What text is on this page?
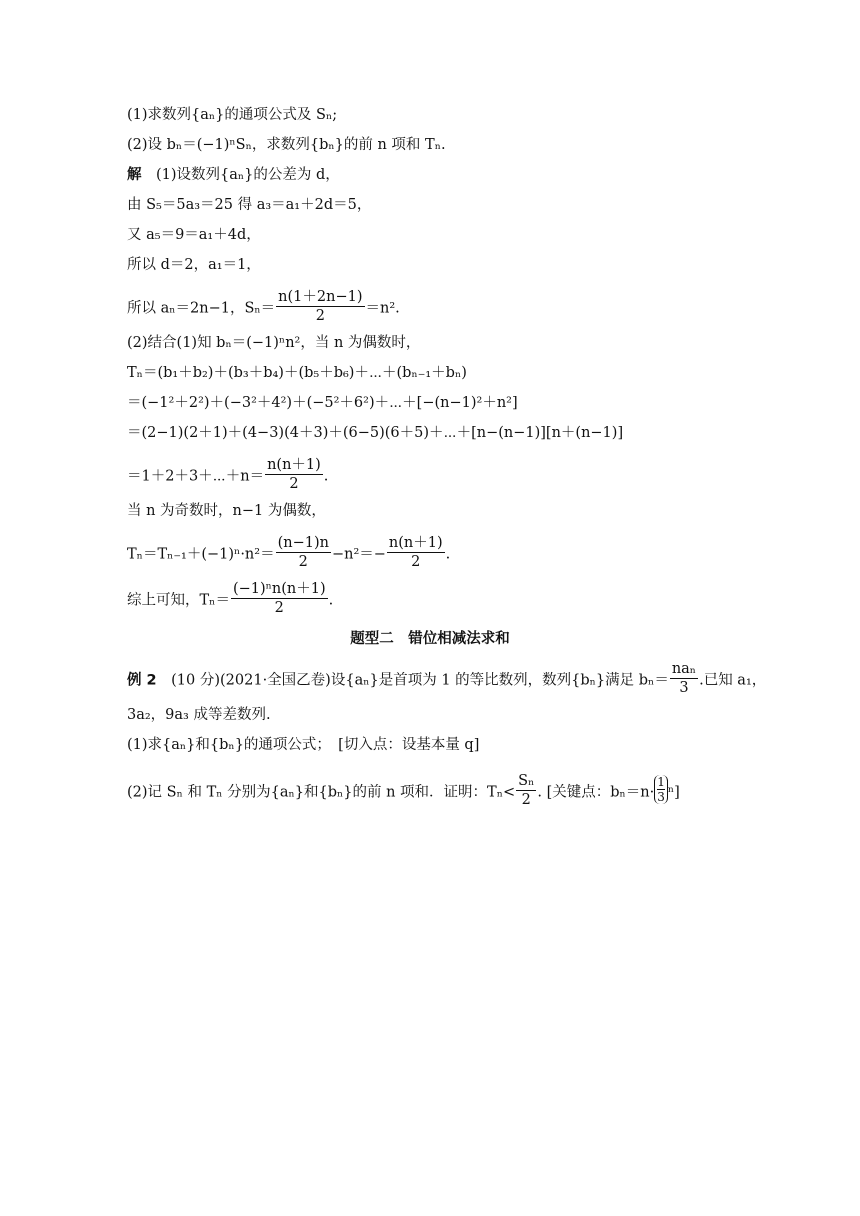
(1)求数列{aₙ}的通项公式及 Sₙ;
(2)设 bₙ＝(−1)ⁿSₙ，求数列{bₙ}的前 n 项和 Tₙ.
解　 (1)设数列{aₙ}的公差为 d，
由 S₅＝5a₃＝25 得 a₃＝a₁＋2d＝5，
又 a₅＝9＝a₁＋4d，
所以 d＝2，a₁＝1，
所以 aₙ＝2n−1，$S_n= \frac{n(1+2n-1)}{2} =n^2$.
(2)结合(1)知 bₙ＝(−1)ⁿn²，当 n 为偶数时，
Tₙ＝(b₁＋b₂)＋(b₃＋b₄)＋(b₅＋b₆)＋⋯＋(bₙ₋₁＋bₙ)
＝(−1²＋2²)＋(−3²＋4²)＋(−5²＋6²)＋⋯＋[−(n−1)²＋n²]
＝(2−1)(2＋1)＋(4−3)(4＋3)＋(6−5)(6＋5)＋⋯＋[n−(n−1)][n＋(n−1)]
＝1＋2＋3＋⋯＋n＝ $\frac{n(n+1)}{2}$ .
当 n 为奇数时，n−1 为偶数，
$T_n=T_{n-1}+(-1)^n\cdot n^2= \frac{(n-1)n}{2} -n^2=- \frac{n(n+1)}{2}$ .
综上可知，$T_n= \frac{\text{(−1)ⁿn(n＋1)}}{2}$ .
题型二　错位相减法求和
例 2　(10 分)(2021·全国乙卷)设{aₙ}是首项为 1 的等比数列，数列{bₙ}满足 $b_n= \frac{\text{naₙ}}{3}$ .已知 a₁，
3a₂，9a₃ 成等差数列.
(1)求{aₙ}和{bₙ}的通项公式；　[切入点：设基本量 q]
(2)记 Sₙ 和 Tₙ 分别为{aₙ}和{bₙ}的前 n 项和．证明：$T_n< \frac{\text{Sₙ}}{2}$ . [关键点：$b_n=n\cdot \frac{1}{3} ^n$]
